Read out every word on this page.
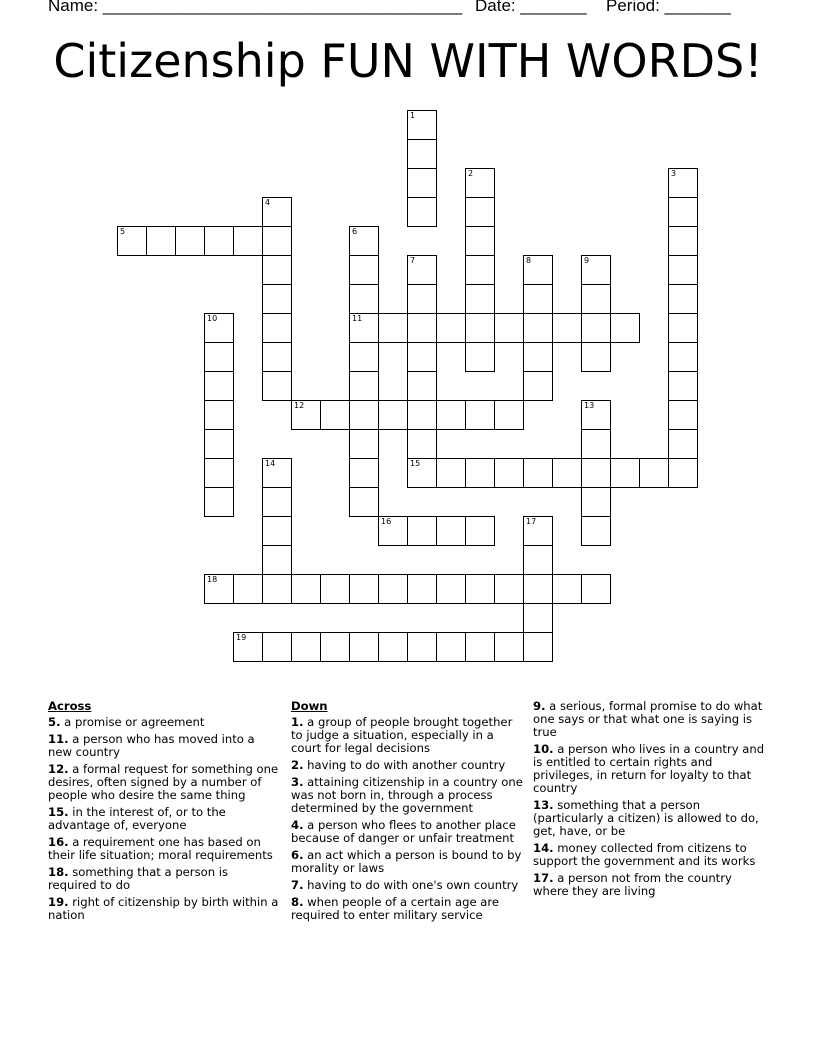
Name: ______________________________________ Date: _______ Period: _______
Citizenship FUN WITH WORDS!
1
2	3
4
5	6
7	8	9
10	11
12	13
14	15
16	17
18
19
Across
5. a promise or agreement
11. a person who has moved into a new country
12. a formal request for something one desires, often signed by a number of people who desire the same thing
15. in the interest of, or to the advantage of, everyone
16. a requirement one has based on their life situation; moral requirements
18. something that a person is required to do
19. right of citizenship by birth within a nation
Down
1. a group of people brought together to judge a situation, especially in a court for legal decisions
2. having to do with another country
3. attaining citizenship in a country one was not born in, through a process determined by the government
4. a person who flees to another place because of danger or unfair treatment
6. an act which a person is bound to by morality or laws
7. having to do with one's own country
8. when people of a certain age are required to enter military service
9. a serious, formal promise to do what one says or that what one is saying is true
10. a person who lives in a country and is entitled to certain rights and privileges, in return for loyalty to that country
13. something that a person (particularly a citizen) is allowed to do, get, have, or be
14. money collected from citizens to support the government and its works
17. a person not from the country where they are living
